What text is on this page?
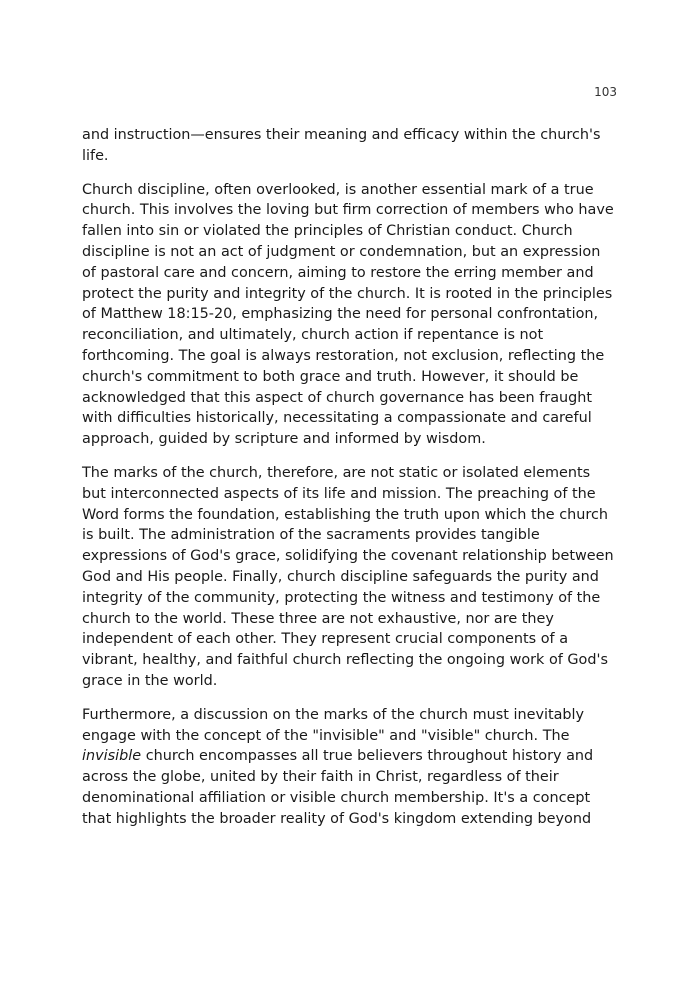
103

and instruction—ensures their meaning and efficacy within the church's life.

Church discipline, often overlooked, is another essential mark of a true church. This involves the loving but firm correction of members who have fallen into sin or violated the principles of Christian conduct. Church discipline is not an act of judgment or condemnation, but an expression of pastoral care and concern, aiming to restore the erring member and protect the purity and integrity of the church. It is rooted in the principles of Matthew 18:15-20, emphasizing the need for personal confrontation, reconciliation, and ultimately, church action if repentance is not forthcoming. The goal is always restoration, not exclusion, reflecting the church's commitment to both grace and truth. However, it should be acknowledged that this aspect of church governance has been fraught with difficulties historically, necessitating a compassionate and careful approach, guided by scripture and informed by wisdom.

The marks of the church, therefore, are not static or isolated elements but interconnected aspects of its life and mission. The preaching of the Word forms the foundation, establishing the truth upon which the church is built. The administration of the sacraments provides tangible expressions of God's grace, solidifying the covenant relationship between God and His people. Finally, church discipline safeguards the purity and integrity of the community, protecting the witness and testimony of the church to the world. These three are not exhaustive, nor are they independent of each other. They represent crucial components of a vibrant, healthy, and faithful church reflecting the ongoing work of God's grace in the world.

Furthermore, a discussion on the marks of the church must inevitably engage with the concept of the "invisible" and "visible" church. The invisible church encompasses all true believers throughout history and across the globe, united by their faith in Christ, regardless of their denominational affiliation or visible church membership. It's a concept that highlights the broader reality of God's kingdom extending beyond
